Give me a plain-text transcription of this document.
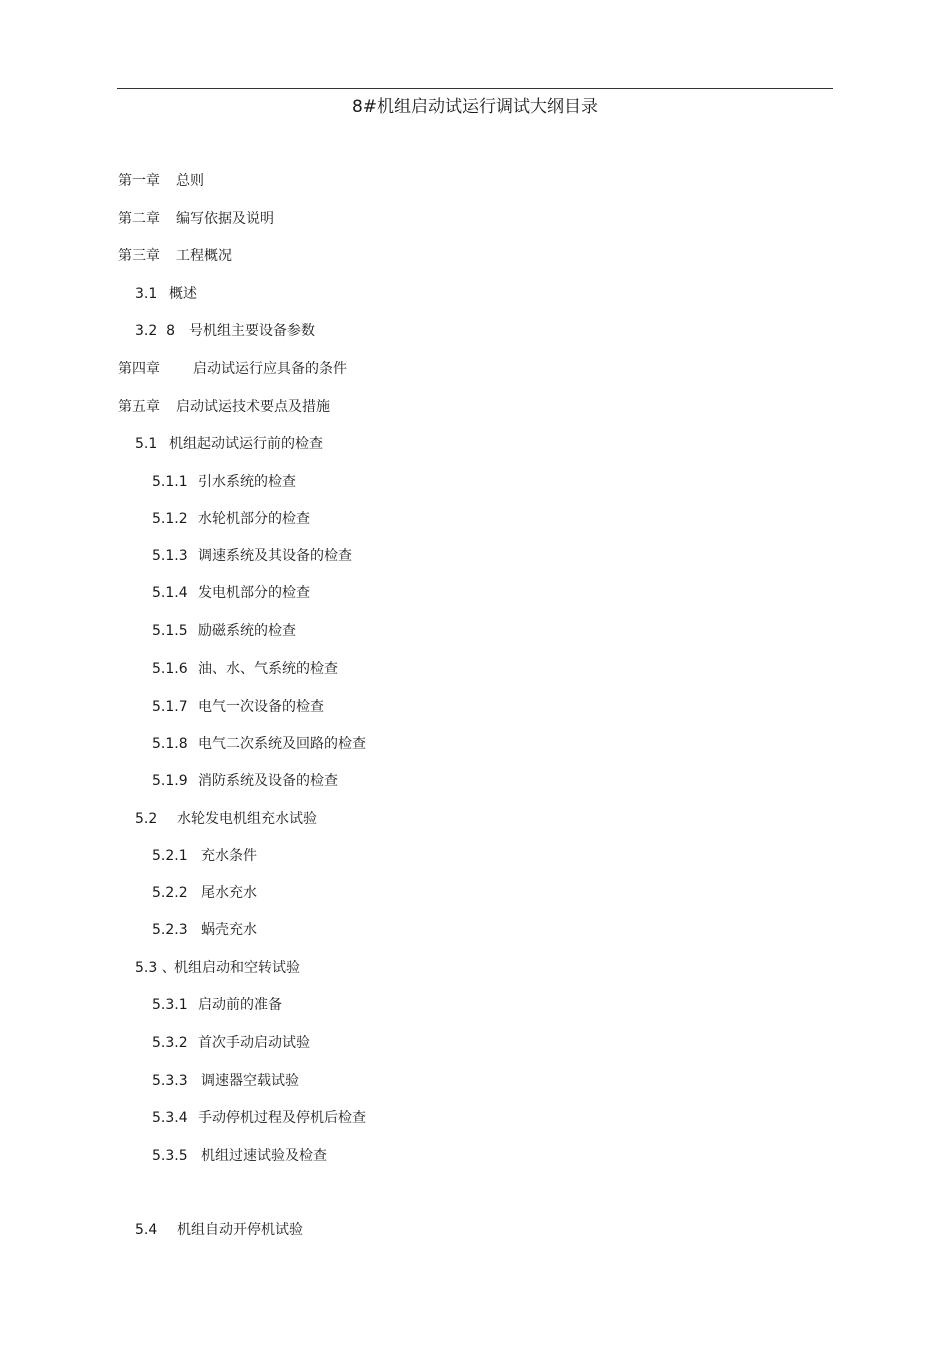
8#机组启动试运行调试大纲目录
第一章 总则
第二章 编写依据及说明
第三章 工程概况
3.1 概述
3.2  8 号机组主要设备参数
第四章 启动试运行应具备的条件
第五章 启动试运技术要点及措施
5.1 机组起动试运行前的检查
5.1.1 引水系统的检查
5.1.2 水轮机部分的检查
5.1.3 调速系统及其设备的检查
5.1.4 发电机部分的检查
5.1.5 励磁系统的检查
5.1.6 油、水、气系统的检查
5.1.7 电气一次设备的检查
5.1.8 电气二次系统及回路的检查
5.1.9 消防系统及设备的检查
5.2 水轮发电机组充水试验
5.2.1 充水条件
5.2.2 尾水充水
5.2.3 蜗壳充水
5.3 、机组启动和空转试验
5.3.1 启动前的准备
5.3.2 首次手动启动试验
5.3.3 调速器空载试验
5.3.4 手动停机过程及停机后检查
5.3.5 机组过速试验及检查
5.4 机组自动开停机试验
